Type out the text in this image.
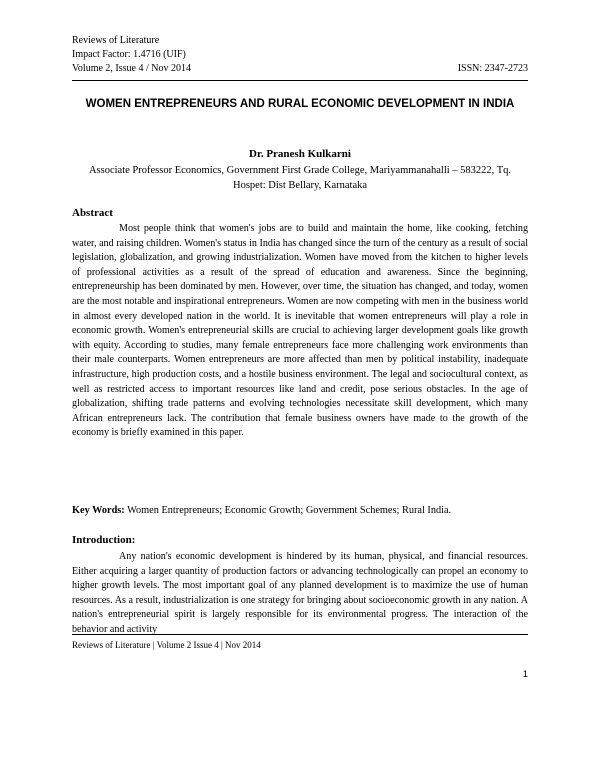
Reviews of Literature
Impact Factor: 1.4716 (UIF)
Volume 2, Issue 4 / Nov 2014	ISSN: 2347-2723
WOMEN ENTREPRENEURS AND RURAL ECONOMIC DEVELOPMENT IN INDIA
Dr. Pranesh Kulkarni
Associate Professor Economics, Government First Grade College, Mariyammanahalli – 583222, Tq. Hospet: Dist Bellary, Karnataka
Abstract
Most people think that women's jobs are to build and maintain the home, like cooking, fetching water, and raising children. Women's status in India has changed since the turn of the century as a result of social legislation, globalization, and growing industrialization. Women have moved from the kitchen to higher levels of professional activities as a result of the spread of education and awareness. Since the beginning, entrepreneurship has been dominated by men. However, over time, the situation has changed, and today, women are the most notable and inspirational entrepreneurs. Women are now competing with men in the business world in almost every developed nation in the world. It is inevitable that women entrepreneurs will play a role in economic growth. Women's entrepreneurial skills are crucial to achieving larger development goals like growth with equity. According to studies, many female entrepreneurs face more challenging work environments than their male counterparts. Women entrepreneurs are more affected than men by political instability, inadequate infrastructure, high production costs, and a hostile business environment. The legal and sociocultural context, as well as restricted access to important resources like land and credit, pose serious obstacles. In the age of globalization, shifting trade patterns and evolving technologies necessitate skill development, which many African entrepreneurs lack. The contribution that female business owners have made to the growth of the economy is briefly examined in this paper.
Key Words: Women Entrepreneurs; Economic Growth; Government Schemes; Rural India.
Introduction:
Any nation's economic development is hindered by its human, physical, and financial resources. Either acquiring a larger quantity of production factors or advancing technologically can propel an economy to higher growth levels. The most important goal of any planned development is to maximize the use of human resources. As a result, industrialization is one strategy for bringing about socioeconomic growth in any nation. A nation's entrepreneurial spirit is largely responsible for its environmental progress. The interaction of the behavior and activity
Reviews of Literature | Volume 2 Issue 4 | Nov 2014
1
